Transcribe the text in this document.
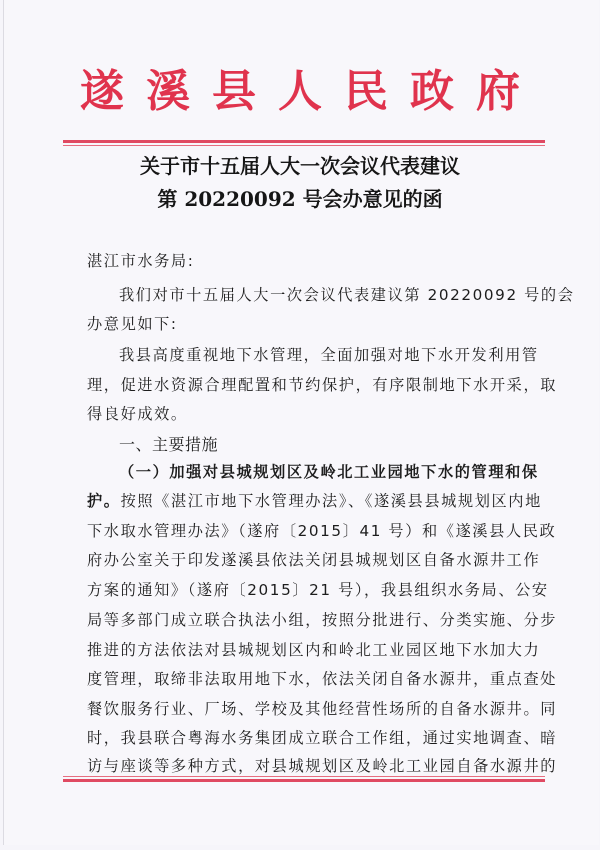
遂溪县人民政府
关于市十五届人大一次会议代表建议
第 20220092 号会办意见的函
湛江市水务局:
我们对市十五届人大一次会议代表建议第 20220092 号的会
办意见如下:
我县高度重视地下水管理，全面加强对地下水开发利用管
理，促进水资源合理配置和节约保护，有序限制地下水开采，取
得良好成效。
一、主要措施
（一）加强对县城规划区及岭北工业园地下水的管理和保
护。按照《湛江市地下水管理办法》、《遂溪县县城规划区内地
下水取水管理办法》（遂府〔2015〕41 号）和《遂溪县人民政
府办公室关于印发遂溪县依法关闭县城规划区自备水源井工作
方案的通知》（遂府〔2015〕21 号），我县组织水务局、公安
局等多部门成立联合执法小组，按照分批进行、分类实施、分步
推进的方法依法对县城规划区内和岭北工业园区地下水加大力
度管理，取缔非法取用地下水，依法关闭自备水源井，重点查处
餐饮服务行业、厂场、学校及其他经营性场所的自备水源井。同
时，我县联合粤海水务集团成立联合工作组，通过实地调查、暗
访与座谈等多种方式，对县城规划区及岭北工业园自备水源井的
